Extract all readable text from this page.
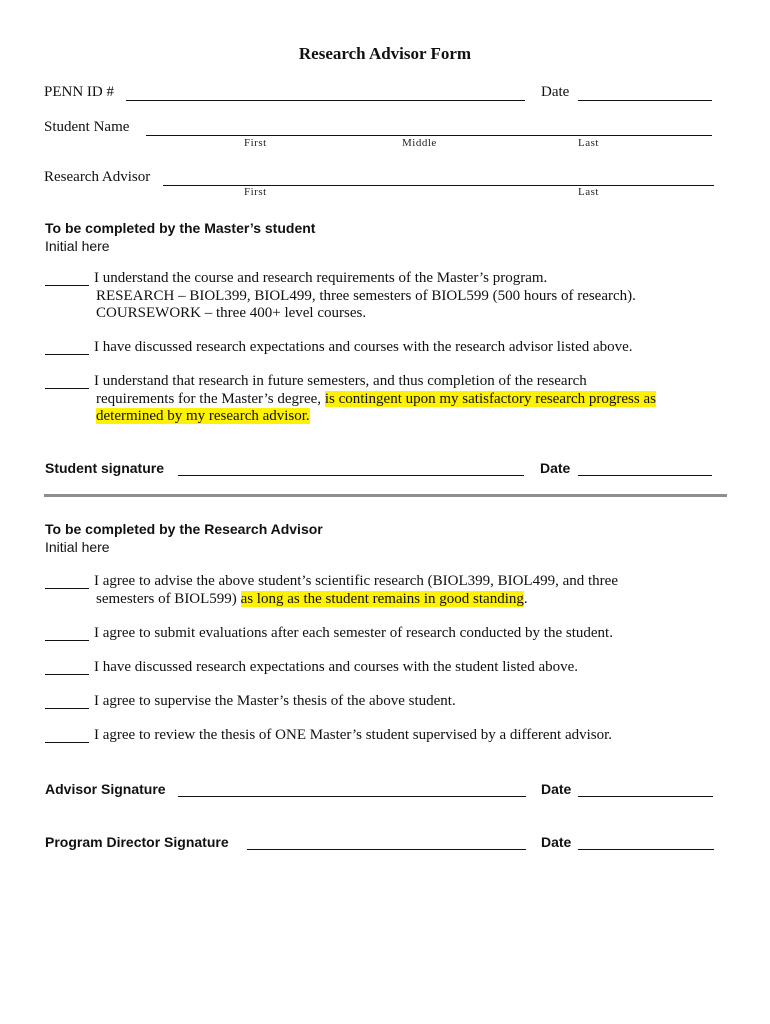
Research Advisor Form
PENN ID #	Date
Student Name
First	Middle	Last
Research Advisor
First	Last
To be completed by the Master’s student
Initial here
I understand the course and research requirements of the Master’s program.
RESEARCH – BIOL399, BIOL499, three semesters of BIOL599 (500 hours of research).
COURSEWORK – three 400+ level courses.
I have discussed research expectations and courses with the research advisor listed above.
I understand that research in future semesters, and thus completion of the research
requirements for the Master’s degree, is contingent upon my satisfactory research progress as
determined by my research advisor.
Student signature	Date
To be completed by the Research Advisor
Initial here
I agree to advise the above student’s scientific research (BIOL399, BIOL499, and three
semesters of BIOL599) as long as the student remains in good standing.
I agree to submit evaluations after each semester of research conducted by the student.
I have discussed research expectations and courses with the student listed above.
I agree to supervise the Master’s thesis of the above student.
I agree to review the thesis of ONE Master’s student supervised by a different advisor.
Advisor Signature	Date
Program Director Signature	Date
